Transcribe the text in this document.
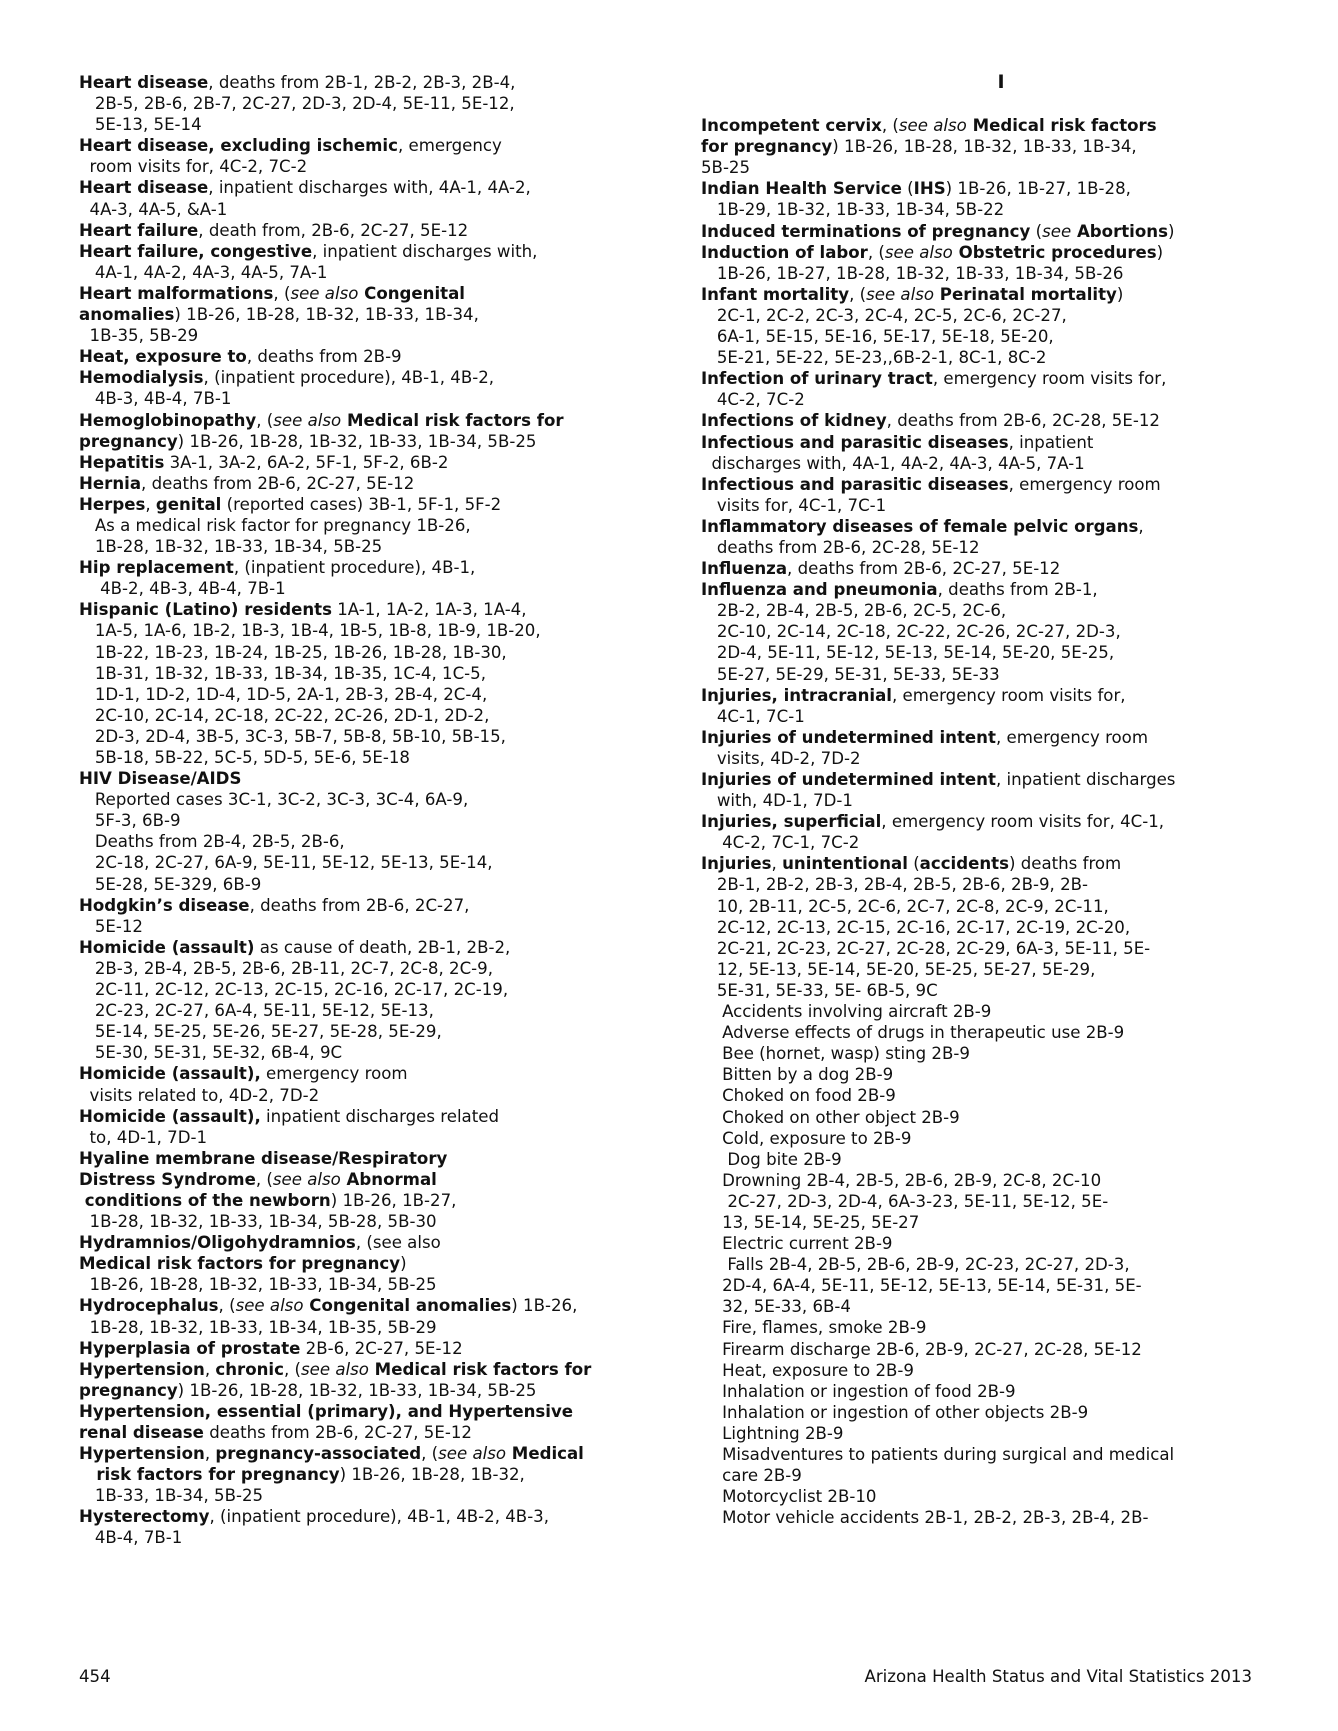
Heart disease, deaths from 2B-1, 2B-2, 2B-3, 2B-4,
2B-5, 2B-6, 2B-7, 2C-27, 2D-3, 2D-4, 5E-11, 5E-12,
5E-13, 5E-14
Heart disease, excluding ischemic, emergency
room visits for, 4C-2, 7C-2
Heart disease, inpatient discharges with, 4A-1, 4A-2,
4A-3, 4A-5, &A-1
Heart failure, death from, 2B-6, 2C-27, 5E-12
Heart failure, congestive, inpatient discharges with,
4A-1, 4A-2, 4A-3, 4A-5, 7A-1
Heart malformations, (see also Congenital
anomalies) 1B-26, 1B-28, 1B-32, 1B-33, 1B-34,
1B-35, 5B-29
Heat, exposure to, deaths from 2B-9
Hemodialysis, (inpatient procedure), 4B-1, 4B-2,
4B-3, 4B-4, 7B-1
Hemoglobinopathy, (see also Medical risk factors for
pregnancy) 1B-26, 1B-28, 1B-32, 1B-33, 1B-34, 5B-25
Hepatitis 3A-1, 3A-2, 6A-2, 5F-1, 5F-2, 6B-2
Hernia, deaths from 2B-6, 2C-27, 5E-12
Herpes, genital (reported cases) 3B-1, 5F-1, 5F-2
As a medical risk factor for pregnancy 1B-26,
1B-28, 1B-32, 1B-33, 1B-34, 5B-25
Hip replacement, (inpatient procedure), 4B-1,
4B-2, 4B-3, 4B-4, 7B-1
Hispanic (Latino) residents 1A-1, 1A-2, 1A-3, 1A-4,
1A-5, 1A-6, 1B-2, 1B-3, 1B-4, 1B-5, 1B-8, 1B-9, 1B-20,
1B-22, 1B-23, 1B-24, 1B-25, 1B-26, 1B-28, 1B-30,
1B-31, 1B-32, 1B-33, 1B-34, 1B-35, 1C-4, 1C-5,
1D-1, 1D-2, 1D-4, 1D-5, 2A-1, 2B-3, 2B-4, 2C-4,
2C-10, 2C-14, 2C-18, 2C-22, 2C-26, 2D-1, 2D-2,
2D-3, 2D-4, 3B-5, 3C-3, 5B-7, 5B-8, 5B-10, 5B-15,
5B-18, 5B-22, 5C-5, 5D-5, 5E-6, 5E-18
HIV Disease/AIDS
Reported cases 3C-1, 3C-2, 3C-3, 3C-4, 6A-9,
5F-3, 6B-9
Deaths from 2B-4, 2B-5, 2B-6,
2C-18, 2C-27, 6A-9, 5E-11, 5E-12, 5E-13, 5E-14,
5E-28, 5E-329, 6B-9
Hodgkin’s disease, deaths from 2B-6, 2C-27,
5E-12
Homicide (assault) as cause of death, 2B-1, 2B-2,
2B-3, 2B-4, 2B-5, 2B-6, 2B-11, 2C-7, 2C-8, 2C-9,
2C-11, 2C-12, 2C-13, 2C-15, 2C-16, 2C-17, 2C-19,
2C-23, 2C-27, 6A-4, 5E-11, 5E-12, 5E-13,
5E-14, 5E-25, 5E-26, 5E-27, 5E-28, 5E-29,
5E-30, 5E-31, 5E-32, 6B-4, 9C
Homicide (assault), emergency room
visits related to, 4D-2, 7D-2
Homicide (assault), inpatient discharges related
to, 4D-1, 7D-1
Hyaline membrane disease/Respiratory
Distress Syndrome, (see also Abnormal
conditions of the newborn) 1B-26, 1B-27,
1B-28, 1B-32, 1B-33, 1B-34, 5B-28, 5B-30
Hydramnios/Oligohydramnios, (see also
Medical risk factors for pregnancy)
1B-26, 1B-28, 1B-32, 1B-33, 1B-34, 5B-25
Hydrocephalus, (see also Congenital anomalies) 1B-26,
1B-28, 1B-32, 1B-33, 1B-34, 1B-35, 5B-29
Hyperplasia of prostate 2B-6, 2C-27, 5E-12
Hypertension, chronic, (see also Medical risk factors for
pregnancy) 1B-26, 1B-28, 1B-32, 1B-33, 1B-34, 5B-25
Hypertension, essential (primary), and Hypertensive
renal disease deaths from 2B-6, 2C-27, 5E-12
Hypertension, pregnancy-associated, (see also Medical
risk factors for pregnancy) 1B-26, 1B-28, 1B-32,
1B-33, 1B-34, 5B-25
Hysterectomy, (inpatient procedure), 4B-1, 4B-2, 4B-3,
4B-4, 7B-1
I
Incompetent cervix, (see also Medical risk factors
for pregnancy) 1B-26, 1B-28, 1B-32, 1B-33, 1B-34,
5B-25
Indian Health Service (IHS) 1B-26, 1B-27, 1B-28,
1B-29, 1B-32, 1B-33, 1B-34, 5B-22
Induced terminations of pregnancy (see Abortions)
Induction of labor, (see also Obstetric procedures)
1B-26, 1B-27, 1B-28, 1B-32, 1B-33, 1B-34, 5B-26
Infant mortality, (see also Perinatal mortality)
2C-1, 2C-2, 2C-3, 2C-4, 2C-5, 2C-6, 2C-27,
6A-1, 5E-15, 5E-16, 5E-17, 5E-18, 5E-20,
5E-21, 5E-22, 5E-23,,6B-2-1, 8C-1, 8C-2
Infection of urinary tract, emergency room visits for,
4C-2, 7C-2
Infections of kidney, deaths from 2B-6, 2C-28, 5E-12
Infectious and parasitic diseases, inpatient
discharges with, 4A-1, 4A-2, 4A-3, 4A-5, 7A-1
Infectious and parasitic diseases, emergency room
visits for, 4C-1, 7C-1
Inflammatory diseases of female pelvic organs,
deaths from 2B-6, 2C-28, 5E-12
Influenza, deaths from 2B-6, 2C-27, 5E-12
Influenza and pneumonia, deaths from 2B-1,
2B-2, 2B-4, 2B-5, 2B-6, 2C-5, 2C-6,
2C-10, 2C-14, 2C-18, 2C-22, 2C-26, 2C-27, 2D-3,
2D-4, 5E-11, 5E-12, 5E-13, 5E-14, 5E-20, 5E-25,
5E-27, 5E-29, 5E-31, 5E-33, 5E-33
Injuries, intracranial, emergency room visits for,
4C-1, 7C-1
Injuries of undetermined intent, emergency room
visits, 4D-2, 7D-2
Injuries of undetermined intent, inpatient discharges
with, 4D-1, 7D-1
Injuries, superficial, emergency room visits for, 4C-1,
4C-2, 7C-1, 7C-2
Injuries, unintentional (accidents) deaths from
2B-1, 2B-2, 2B-3, 2B-4, 2B-5, 2B-6, 2B-9, 2B-
10, 2B-11, 2C-5, 2C-6, 2C-7, 2C-8, 2C-9, 2C-11,
2C-12, 2C-13, 2C-15, 2C-16, 2C-17, 2C-19, 2C-20,
2C-21, 2C-23, 2C-27, 2C-28, 2C-29, 6A-3, 5E-11, 5E-
12, 5E-13, 5E-14, 5E-20, 5E-25, 5E-27, 5E-29,
5E-31, 5E-33, 5E- 6B-5, 9C
Accidents involving aircraft 2B-9
Adverse effects of drugs in therapeutic use 2B-9
Bee (hornet, wasp) sting 2B-9
Bitten by a dog 2B-9
Choked on food 2B-9
Choked on other object 2B-9
Cold, exposure to 2B-9
Dog bite 2B-9
Drowning 2B-4, 2B-5, 2B-6, 2B-9, 2C-8, 2C-10
2C-27, 2D-3, 2D-4, 6A-3-23, 5E-11, 5E-12, 5E-
13, 5E-14, 5E-25, 5E-27
Electric current 2B-9
Falls 2B-4, 2B-5, 2B-6, 2B-9, 2C-23, 2C-27, 2D-3,
2D-4, 6A-4, 5E-11, 5E-12, 5E-13, 5E-14, 5E-31, 5E-
32, 5E-33, 6B-4
Fire, flames, smoke 2B-9
Firearm discharge 2B-6, 2B-9, 2C-27, 2C-28, 5E-12
Heat, exposure to 2B-9
Inhalation or ingestion of food 2B-9
Inhalation or ingestion of other objects 2B-9
Lightning 2B-9
Misadventures to patients during surgical and medical
care 2B-9
Motorcyclist 2B-10
Motor vehicle accidents 2B-1, 2B-2, 2B-3, 2B-4, 2B-
454	Arizona Health Status and Vital Statistics 2013
